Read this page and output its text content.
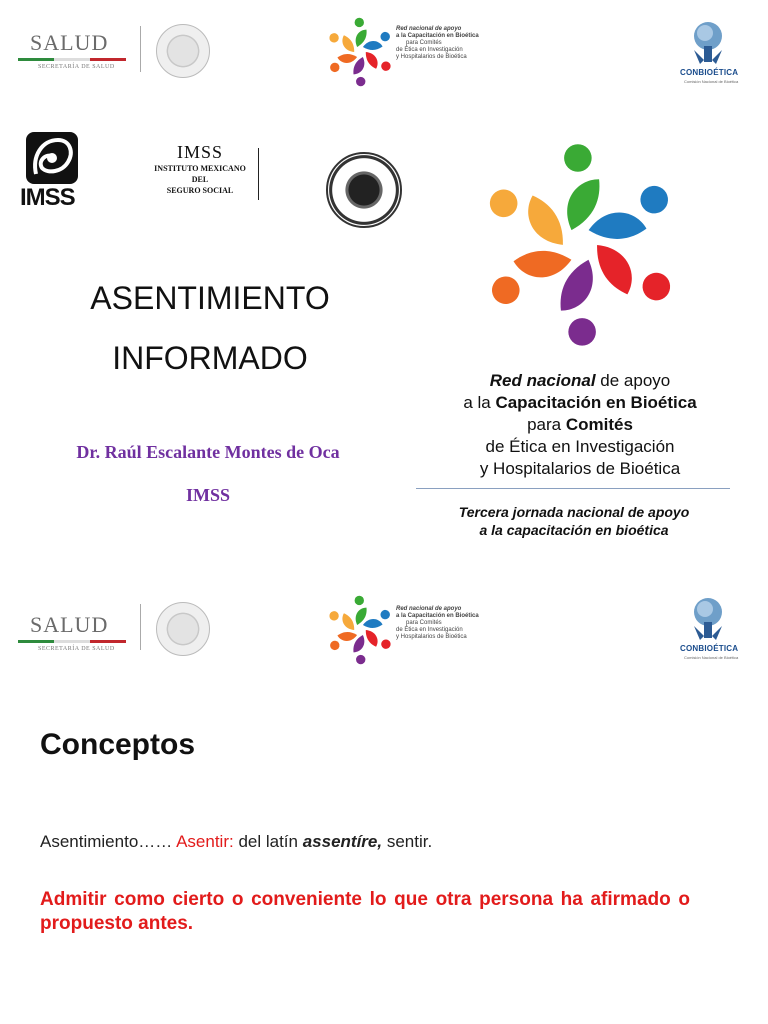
SALUD
SECRETARÍA DE SALUD
Red nacional de apoyo
a la Capacitación en Bioética
para Comités
de Ética en Investigación
y Hospitalarios de Bioética
CONBIOÉTICA
Comisión Nacional de Bioética
IMSS
IMSS
INSTITUTO MEXICANO
DEL
SEGURO SOCIAL
ASENTIMIENTO
INFORMADO
Dr. Raúl Escalante Montes de Oca
IMSS
Red nacional de apoyo
a la Capacitación en Bioética
para Comités
de Ética en Investigación
y Hospitalarios de Bioética
Tercera jornada nacional de apoyo
a la capacitación en bioética
SALUD
SECRETARÍA DE SALUD
Red nacional de apoyo
a la Capacitación en Bioética
para Comités
de Ética en Investigación
y Hospitalarios de Bioética
CONBIOÉTICA
Comisión Nacional de Bioética
Conceptos
Asentimiento…… Asentir: del latín assentíre, sentir.
Admitir como cierto o conveniente lo que otra persona ha afirmado o propuesto antes.
